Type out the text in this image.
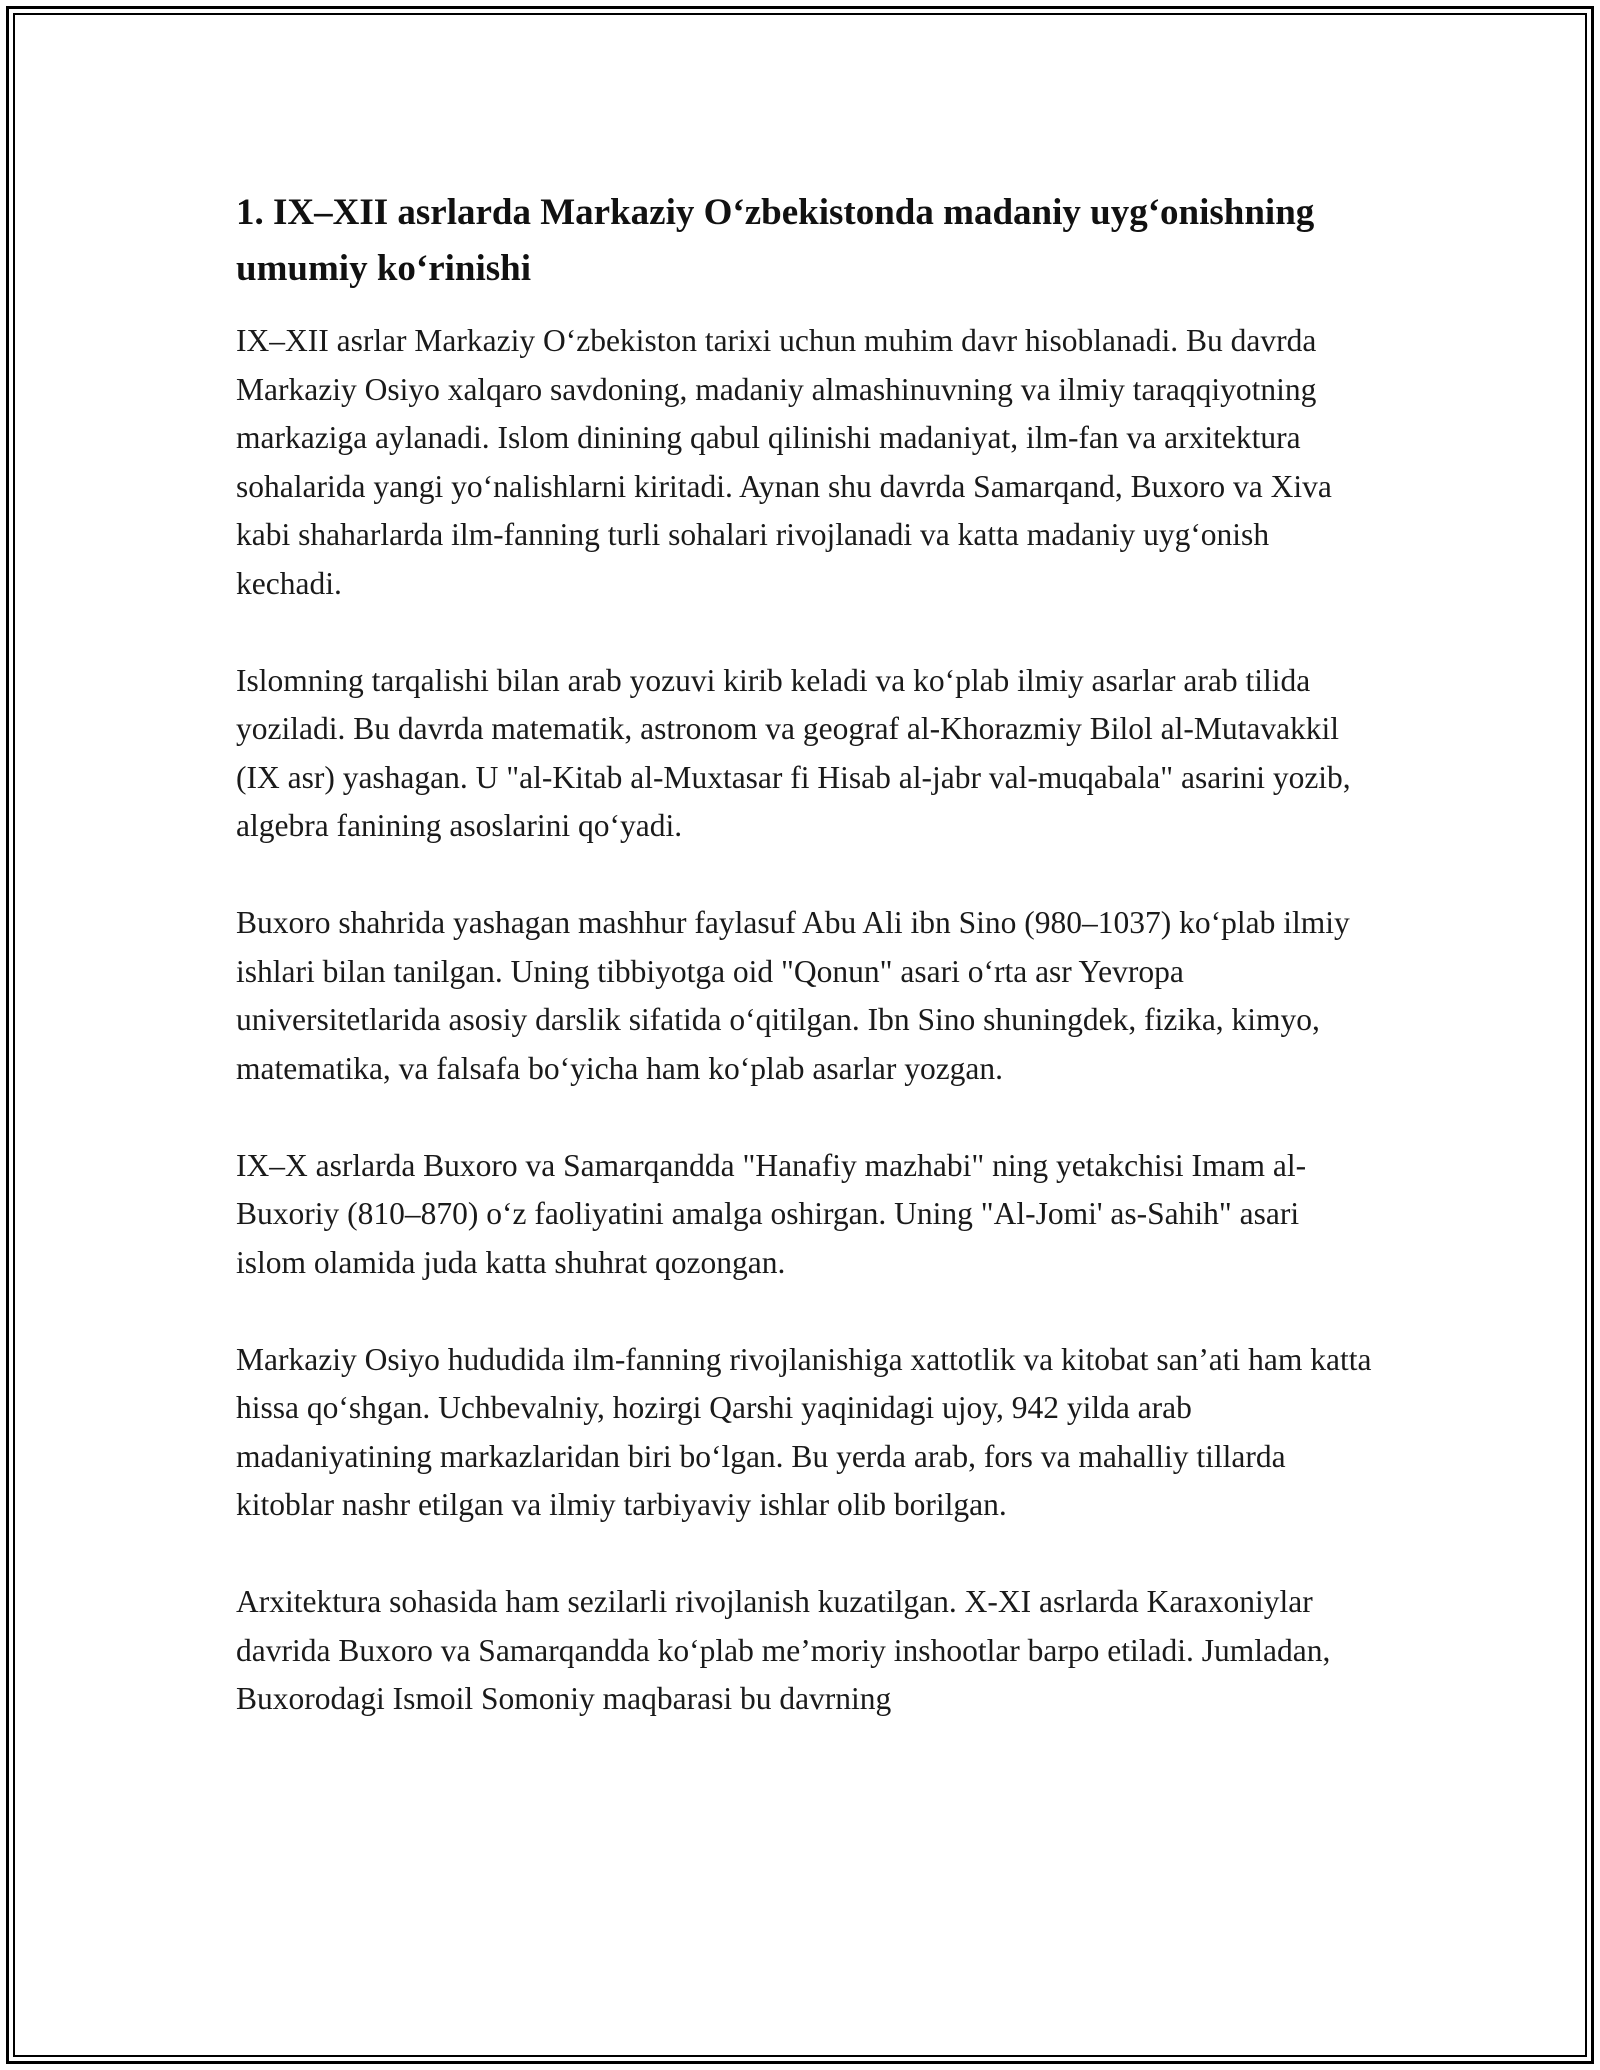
1. IX–XII asrlarda Markaziy O‘zbekistonda madaniy uyg‘onishning umumiy ko‘rinishi

IX–XII asrlar Markaziy O‘zbekiston tarixi uchun muhim davr hisoblanadi. Bu davrda Markaziy Osiyo xalqaro savdoning, madaniy almashinuvning va ilmiy taraqqiyotning markaziga aylanadi. Islom dinining qabul qilinishi madaniyat, ilm-fan va arxitektura sohalarida yangi yo‘nalishlarni kiritadi. Aynan shu davrda Samarqand, Buxoro va Xiva kabi shaharlarda ilm-fanning turli sohalari rivojlanadi va katta madaniy uyg‘onish kechadi.

Islomning tarqalishi bilan arab yozuvi kirib keladi va ko‘plab ilmiy asarlar arab tilida yoziladi. Bu davrda matematik, astronom va geograf al-Khorazmiy Bilol al-Mutavakkil (IX asr) yashagan. U "al-Kitab al-Muxtasar fi Hisab al-jabr val-muqabala" asarini yozib, algebra fanining asoslarini qo‘yadi.

Buxoro shahrida yashagan mashhur faylasuf Abu Ali ibn Sino (980–1037) ko‘plab ilmiy ishlari bilan tanilgan. Uning tibbiyotga oid "Qonun" asari o‘rta asr Yevropa universitetlarida asosiy darslik sifatida o‘qitilgan. Ibn Sino shuningdek, fizika, kimyo, matematika, va falsafa bo‘yicha ham ko‘plab asarlar yozgan.

IX–X asrlarda Buxoro va Samarqandda "Hanafiy mazhabi" ning yetakchisi Imam al-Buxoriy (810–870) o‘z faoliyatini amalga oshirgan. Uning "Al-Jomi' as-Sahih" asari islom olamida juda katta shuhrat qozongan.

Markaziy Osiyo hududida ilm-fanning rivojlanishiga xattotlik va kitobat san’ati ham katta hissa qo‘shgan. Uchbevalniy, hozirgi Qarshi yaqinidagi ujoy, 942 yilda arab madaniyatining markazlaridan biri bo‘lgan. Bu yerda arab, fors va mahalliy tillarda kitoblar nashr etilgan va ilmiy tarbiyaviy ishlar olib borilgan.

Arxitektura sohasida ham sezilarli rivojlanish kuzatilgan. X-XI asrlarda Karaxoniylar davrida Buxoro va Samarqandda ko‘plab me’moriy inshootlar barpo etiladi. Jumladan, Buxorodagi Ismoil Somoniy maqbarasi bu davrning
